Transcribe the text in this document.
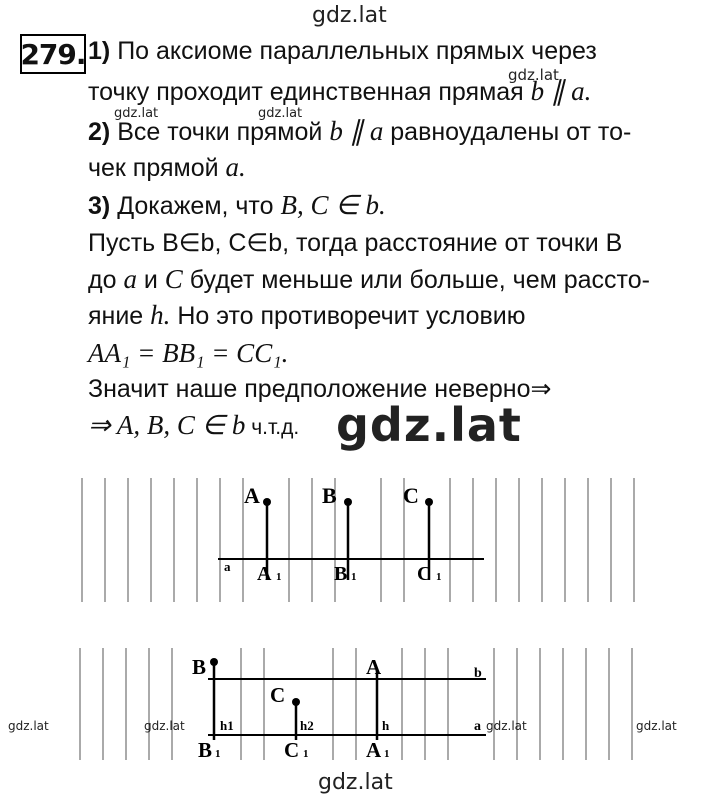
gdz.lat
279. 1) По аксиоме параллельных прямых через
gdz.lat
точку проходит единственная прямая b ∥ a.
gdz.lat	gdz.lat
2) Все точки прямой b ∥ a равноудалены от то-
чек прямой a.
3) Докажем, что B, C ∈ b.
Пусть B∈b, C∈b, тогда расстояние от точки B
до a и C будет меньше или больше, чем рассто-
яние h. Но это противоречит условию
AA₁ = BB₁ = CC₁.
Значит наше предположение неверно⇒
⇒ A, B, C ∈ b ч.т.д. gdz.lat
A	B	C
a A 1	B 1	C 1
B	A
C
b
a
h1	h2	h
B 1	C 1	A 1
gdz.lat	gdz.lat	gdz.lat	gdz.lat
gdz.lat
